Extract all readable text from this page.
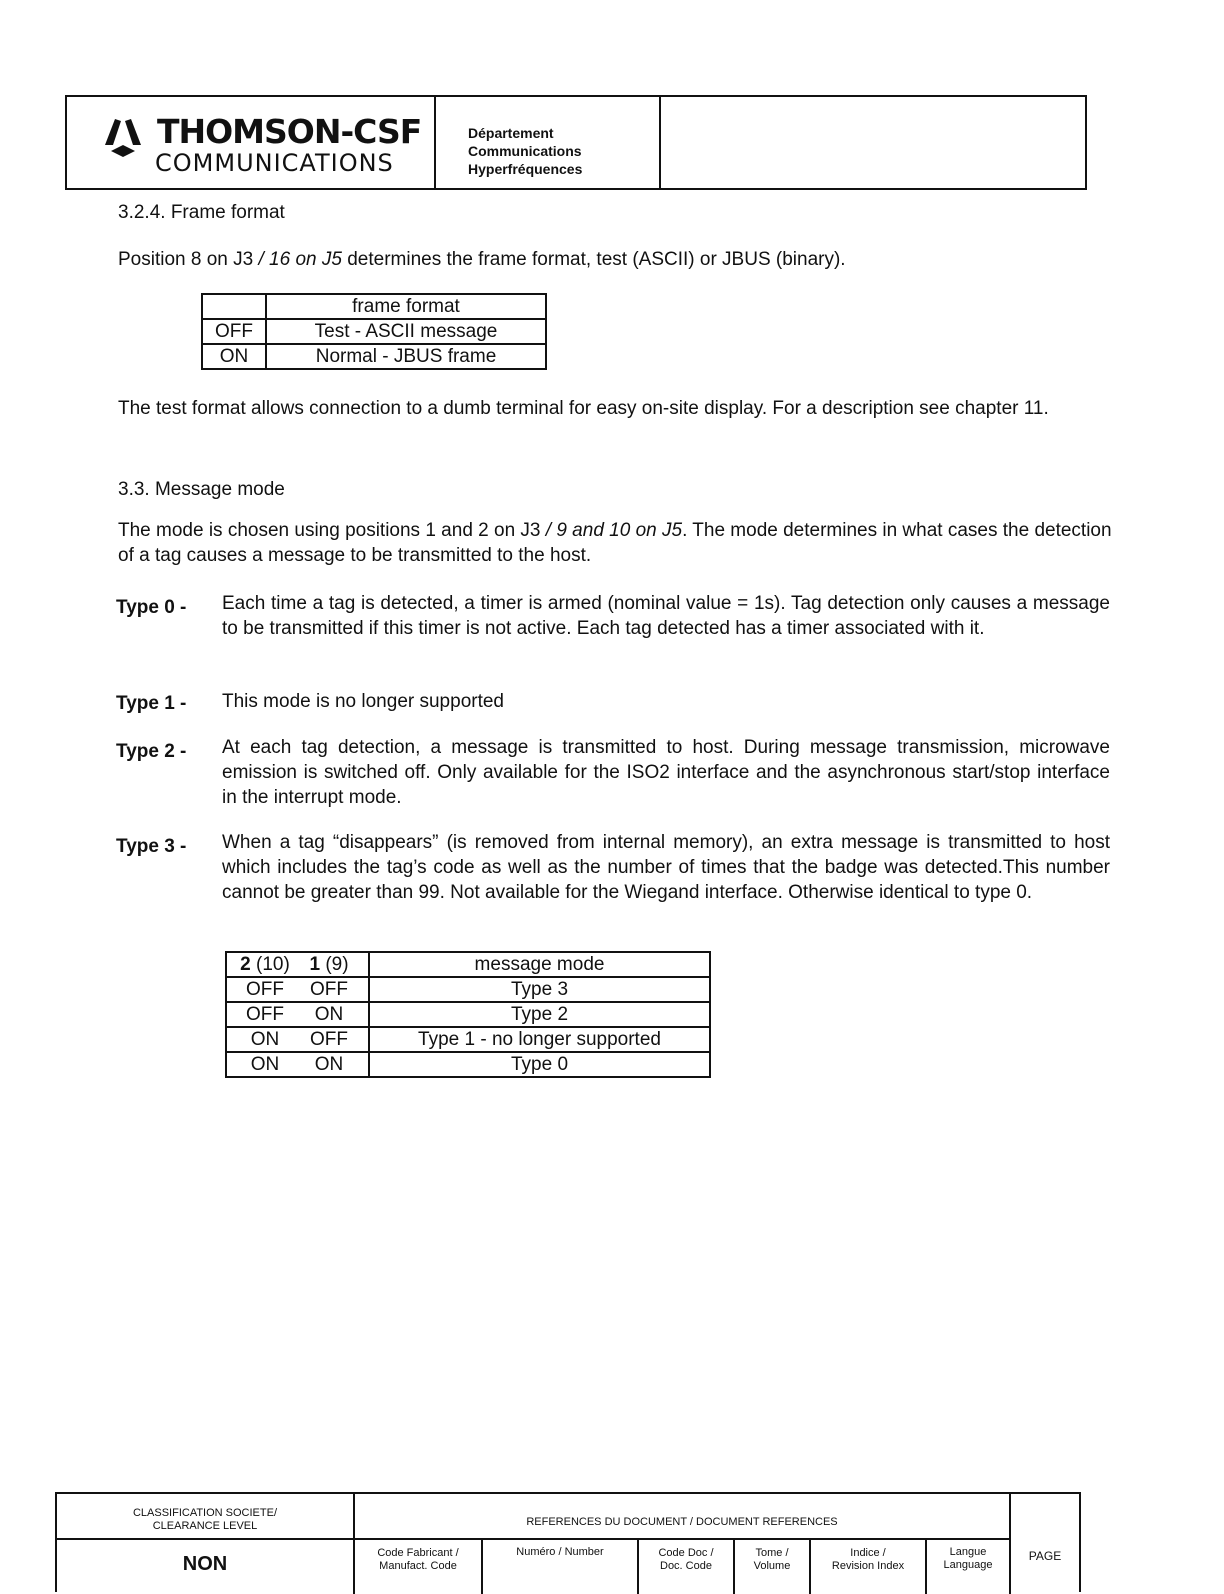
THOMSON-CSF
COMMUNICATIONS
Département
Communications
Hyperfréquences
3.2.4. Frame format
Position 8 on J3 / 16 on J5 determines the frame format, test (ASCII) or JBUS (binary).
	frame format
OFF	Test - ASCII message
ON	Normal - JBUS frame
The test format allows connection to a dumb terminal for easy on-site display. For a description see chapter 11.
3.3. Message mode
The mode is chosen using positions 1 and 2 on J3 / 9 and 10 on J5. The mode determines in what cases the detection of a tag causes a message to be transmitted to the host.
Type 0 - Each time a tag is detected, a timer is armed (nominal value = 1s). Tag detection only causes a message to be transmitted if this timer is not active. Each tag detected has a timer associated with it.
Type 1 - This mode is no longer supported
Type 2 - At each tag detection, a message is transmitted to host. During message transmission, microwave emission is switched off. Only available for the ISO2 interface and the asynchronous start/stop interface in the interrupt mode.
Type 3 - When a tag “disappears” (is removed from internal memory), an extra message is transmitted to host which includes the tag’s code as well as the number of times that the badge was detected.This number cannot be greater than 99. Not available for the Wiegand interface. Otherwise identical to type 0.
2 (10) 1 (9)	message mode
OFF OFF	Type 3
OFF ON	Type 2
ON OFF	Type 1 - no longer supported
ON ON	Type 0
CLASSIFICATION SOCIETE/
CLEARANCE LEVEL
NON
REFERENCES DU DOCUMENT / DOCUMENT REFERENCES
Code Fabricant /
Manufact. Code
Numéro / Number	Code Doc /
Doc. Code
Tome /
Volume
Indice /
Revision Index
Langue
Language
PAGE
